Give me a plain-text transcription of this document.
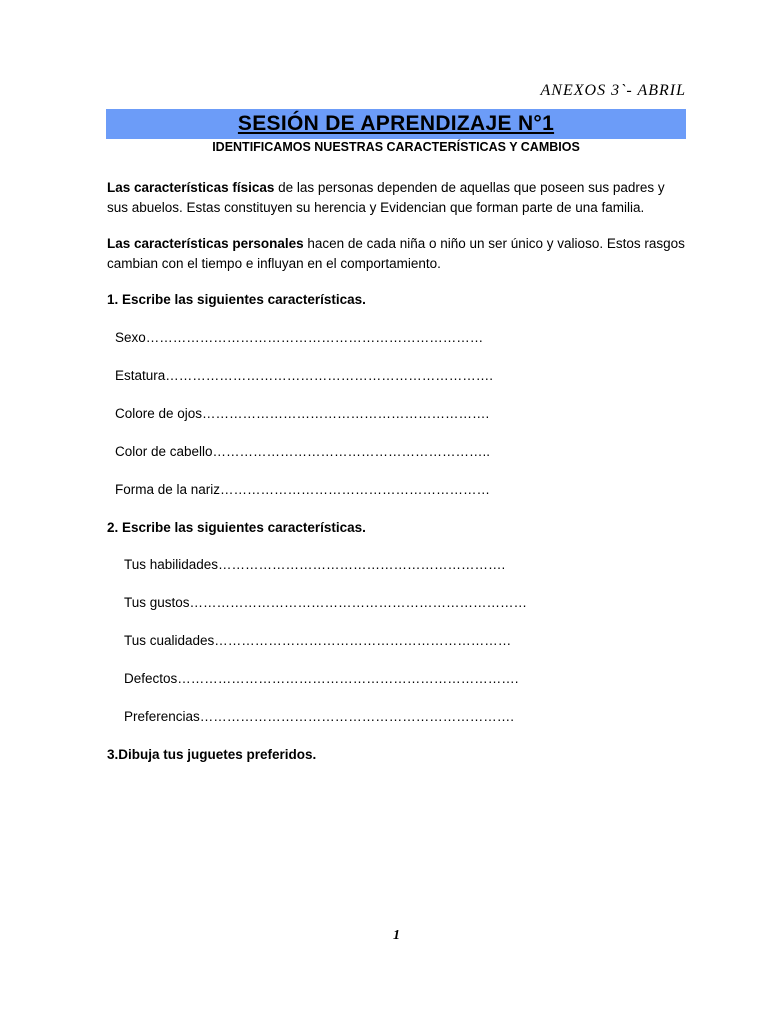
ANEXOS 3`- ABRIL
SESIÓN DE APRENDIZAJE N°1
IDENTIFICAMOS NUESTRAS CARACTERÍSTICAS Y CAMBIOS
Las características físicas de las personas dependen de aquellas que poseen sus padres y sus abuelos. Estas constituyen su herencia y Evidencian que forman parte de una familia.
Las características personales hacen de cada niña o niño un ser único y valioso. Estos rasgos cambian con el tiempo e influyan en el comportamiento.
1. Escribe las siguientes características.
Sexo…………………………………………………………………
Estatura……………………………………………………………….
Colore de ojos……………………………………………………….
Color de cabello……………………………………………………..
Forma de la nariz……………………………………………………
2. Escribe las siguientes características.
Tus habilidades……………………………………………………….
Tus gustos…………………………………………………………………
Tus cualidades…………………………………………………………
Defectos………………………………………………………………….
Preferencias…………………………………………………………….
3.Dibuja tus juguetes preferidos.
1
